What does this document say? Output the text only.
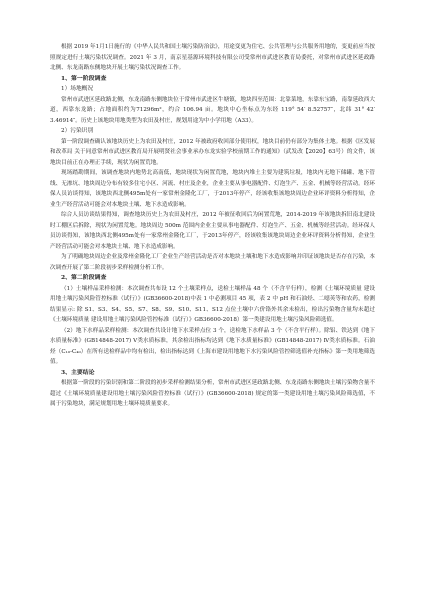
根据 2019 年1月1日施行的《中华人民共和国土壤污染防治法》，用途变更为住宅、公共管理与公共服务用地的，变更前应当按照规定进行土壤污染状况调查。2021 年 3 月，南京星基源环境科技有限公司受常州市武进区教育局委托，对常州市武进区延政路北侧、东龙南路东侧地块开展土壤污染状况调查工作。

1、第一阶段调查
1）场地概况

常州市武进区延政路北侧，东龙南路东侧地块位于常州市武进区牛塘镇，地块四至范围：北靠菜地，东靠东宝路，南靠延政西大道，西靠东龙路；占地面积约为71296m²，约合 106.94 亩。地块中心坐标点为东经 119° 54′ 8.52757″，北纬 31° 42′ 3.46914″。历史上该地块用地类型为农田及村庄，规划用途为中小学用地（A33）。

2）污染识别

第一阶段调查确认该地块历史上为农田及村庄，2012 年被政府收回部分使用权，地块目前仍有部分为集体土地。根据《区发展和改革局 关于同意常州市武进区教育局开展明贤社会事业承办东龙实验学校前期工作的通知》（武发改【2020】63号）的文件，该地块目前正在办理正手续，现状为闲置荒地。

现场踏勘期间，该调查地块内地势北高南低，地块现状为闲置荒地，地块内堆土主要为建筑垃圾，地块内无地下储罐、地下管线、无渗坑、地块周边分布有较多住宅小区、河流、村庄及企业，企业主要从事电器配件、灯泡生产、五金、机械等经营活动。经环保人员访谈得知，该地块西北侧495m处有一家常州金隆化工厂，于2013年停产，经该收集该地块周边企业环评资料分析得知，企业生产经营活动可能会对本地块土壤、地下水造成影响。

综合人员访谈结果得知，调查地块历史上为农田及村庄，2012 年被征收回后为闲置荒地，2014-2019 年该地块拆旧南北建设时工棚区后拆除，现状为闲置荒地。地块周边 500m 范围内企业主要从事电器配件、灯泡生产、五金、机械等经营活动。经环保人员访谈得知，该地块西北侧495m处有一家常州金隆化工厂，于2013年停产，经该收集该地块周边企业环评资料分析得知，企业生产经营活动可能会对本地块土壤、地下水造成影响。

为了明确地块周边企业及常州金隆化工厂企业生产经营活动是否对本地块土壤和地下水造成影响并印证该地块是否存在污染，本次调查开展了第二阶段初步采样检测分析工作。

2、第二阶段调查

（1）土壤样品采样检测：本次调查共布设 12 个土壤采样点，送检土壤样品 48 个（不含平行样），检测《土壤环境质量 建设用地土壤污染风险管控标准（试行）》(GB36600-2018)中表 1 中必测项目 45 项，表 2 中 pH 和石油烃、二噁英等和农药，检测结果显示: 除 S1、S3、S4、S5、S7、S8、S9、S10、S11、S12 点位土壤中六价铬外其余未检出，检出污染物含量均未超过《土壤环境质量 建设用地土壤污染风险管控标准（试行）》GB36600-2018）第一类建设用地土壤污染风险筛选值。

（2）地下水样品采样检测：本次调查共设计地下水采样点位 3 个，送检地下水样品 3 个（不含平行样）。除铝、铁达到《地下水质量标准》(GB14848-2017) Ⅴ类水质标准，其余检出指标均达到《地下水质量标准》(GB14848-2017) Ⅳ类水质标准。石油烃（C₁₀-C₄₀）在所有送检样品中均有检出，检出指标达到《上海市建设用地地下水污染风险管控筛选值补充指标》第一类用地筛选值。

3、主要结论

根据第一阶段的污染识别和第二阶段的初步采样检测结果分析，常州市武进区延政路北侧、东龙南路东侧地块土壤污染物含量不超过《土壤环境质量建设用地土壤污染风险管控标准（试行）》(GB36600-2018) 规定的第一类建设用地土壤污染风险筛选值，不属于污染地块，满足规划用地土壤环境质量要求。
